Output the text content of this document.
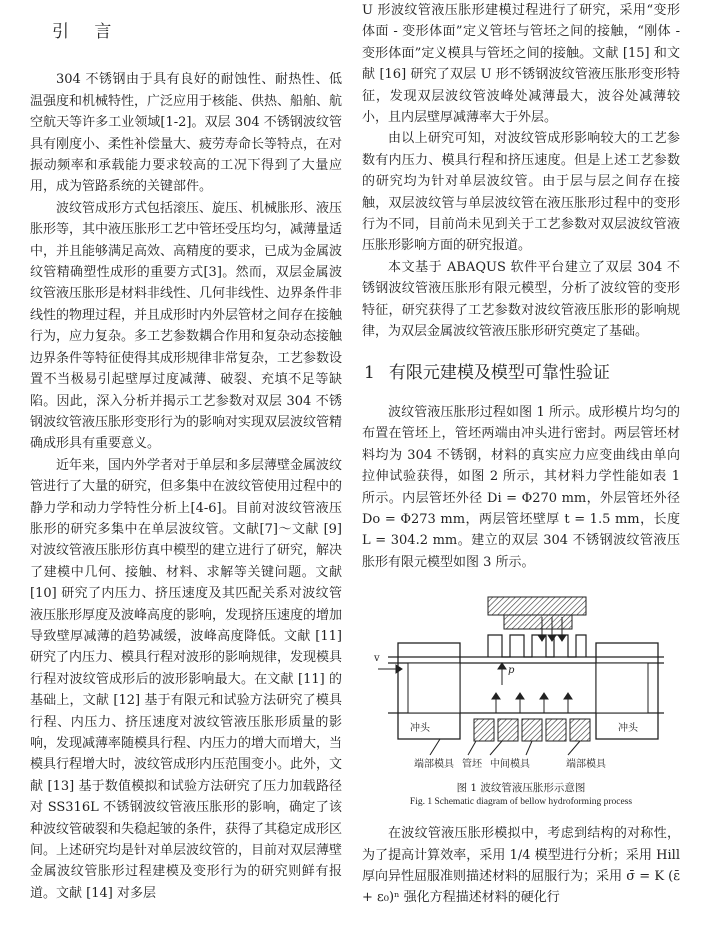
引 言

304 不锈钢由于具有良好的耐蚀性、耐热性、低温强度和机械特性，广泛应用于核能、供热、船舶、航空航天等许多工业领域[1-2]。双层 304 不锈钢波纹管具有刚度小、柔性补偿量大、疲劳寿命长等特点，在对振动频率和承载能力要求较高的工况下得到了大量应用，成为管路系统的关键部件。

波纹管成形方式包括滚压、旋压、机械胀形、液压胀形等，其中液压胀形工艺中管坯受压均匀，减薄量适中，并且能够满足高效、高精度的要求，已成为金属波纹管精确塑性成形的重要方式[3]。然而，双层金属波纹管液压胀形是材料非线性、几何非线性、边界条件非线性的物理过程，并且成形时内外层管材之间存在接触行为，应力复杂。多工艺参数耦合作用和复杂动态接触边界条件等特征使得其成形规律非常复杂，工艺参数设置不当极易引起壁厚过度减薄、破裂、充填不足等缺陷。因此，深入分析并揭示工艺参数对双层 304 不锈钢波纹管液压胀形变形行为的影响对实现双层波纹管精确成形具有重要意义。

近年来，国内外学者对于单层和多层薄壁金属波纹管进行了大量的研究，但多集中在波纹管使用过程中的静力学和动力学特性分析上[4-6]。目前对波纹管液压胀形的研究多集中在单层波纹管。文献[7]～文献 [9] 对波纹管液压胀形仿真中模型的建立进行了研究，解决了建模中几何、接触、材料、求解等关键问题。文献 [10] 研究了内压力、挤压速度及其匹配关系对波纹管液压胀形厚度及波峰高度的影响，发现挤压速度的增加导致壁厚减薄的趋势减缓，波峰高度降低。文献 [11] 研究了内压力、模具行程对波形的影响规律，发现模具行程对波纹管成形后的波形影响最大。在文献 [11] 的基础上，文献 [12] 基于有限元和试验方法研究了模具行程、内压力、挤压速度对波纹管液压胀形质量的影响，发现减薄率随模具行程、内压力的增大而增大，当模具行程增大时，波纹管成形内压范围变小。此外，文献 [13] 基于数值模拟和试验方法研究了压力加载路径对 SS316L 不锈钢波纹管液压胀形的影响，确定了该种波纹管破裂和失稳起皱的条件，获得了其稳定成形区间。上述研究均是针对单层波纹管的，目前对双层薄壁金属波纹管胀形过程建模及变形行为的研究则鲜有报道。文献 [14] 对多层

U 形波纹管液压胀形建模过程进行了研究，采用“变形体面 - 变形体面”定义管坯与管坯之间的接触，“刚体 - 变形体面”定义模具与管坯之间的接触。文献 [15] 和文献 [16] 研究了双层 U 形不锈钢波纹管液压胀形变形特征，发现双层波纹管波峰处减薄最大，波谷处减薄较小，且内层壁厚减薄率大于外层。

由以上研究可知，对波纹管成形影响较大的工艺参数有内压力、模具行程和挤压速度。但是上述工艺参数的研究均为针对单层波纹管。由于层与层之间存在接触，双层波纹管与单层波纹管在液压胀形过程中的变形行为不同，目前尚未见到关于工艺参数对双层波纹管液压胀形影响方面的研究报道。

本文基于 ABAQUS 软件平台建立了双层 304 不锈钢波纹管液压胀形有限元模型，分析了波纹管的变形特征，研究获得了工艺参数对波纹管液压胀形的影响规律，为双层金属波纹管液压胀形研究奠定了基础。

1 有限元建模及模型可靠性验证

波纹管液压胀形过程如图 1 所示。成形模片均匀的布置在管坯上，管坯两端由冲头进行密封。两层管坯材料均为 304 不锈钢，材料的真实应力应变曲线由单向拉伸试验获得，如图 2 所示，其材料力学性能如表 1 所示。内层管坯外径 Di = Φ270 mm，外层管坯外径 Do = Φ273 mm，两层管坯壁厚 t = 1.5 mm，长度 L = 304.2 mm。建立的双层 304 不锈钢波纹管液压胀形有限元模型如图 3 所示。

v
p
冲头	冲头
端部模具 管坯 中间模具	端部模具
图 1 波纹管液压胀形示意图
Fig. 1 Schematic diagram of bellow hydroforming process

在波纹管液压胀形模拟中，考虑到结构的对称性，为了提高计算效率，采用 1/4 模型进行分析；采用 Hill 厚向异性屈服准则描述材料的屈服行为；采用 σ̄ = K (ε̄ + ε₀)ⁿ 强化方程描述材料的硬化行
